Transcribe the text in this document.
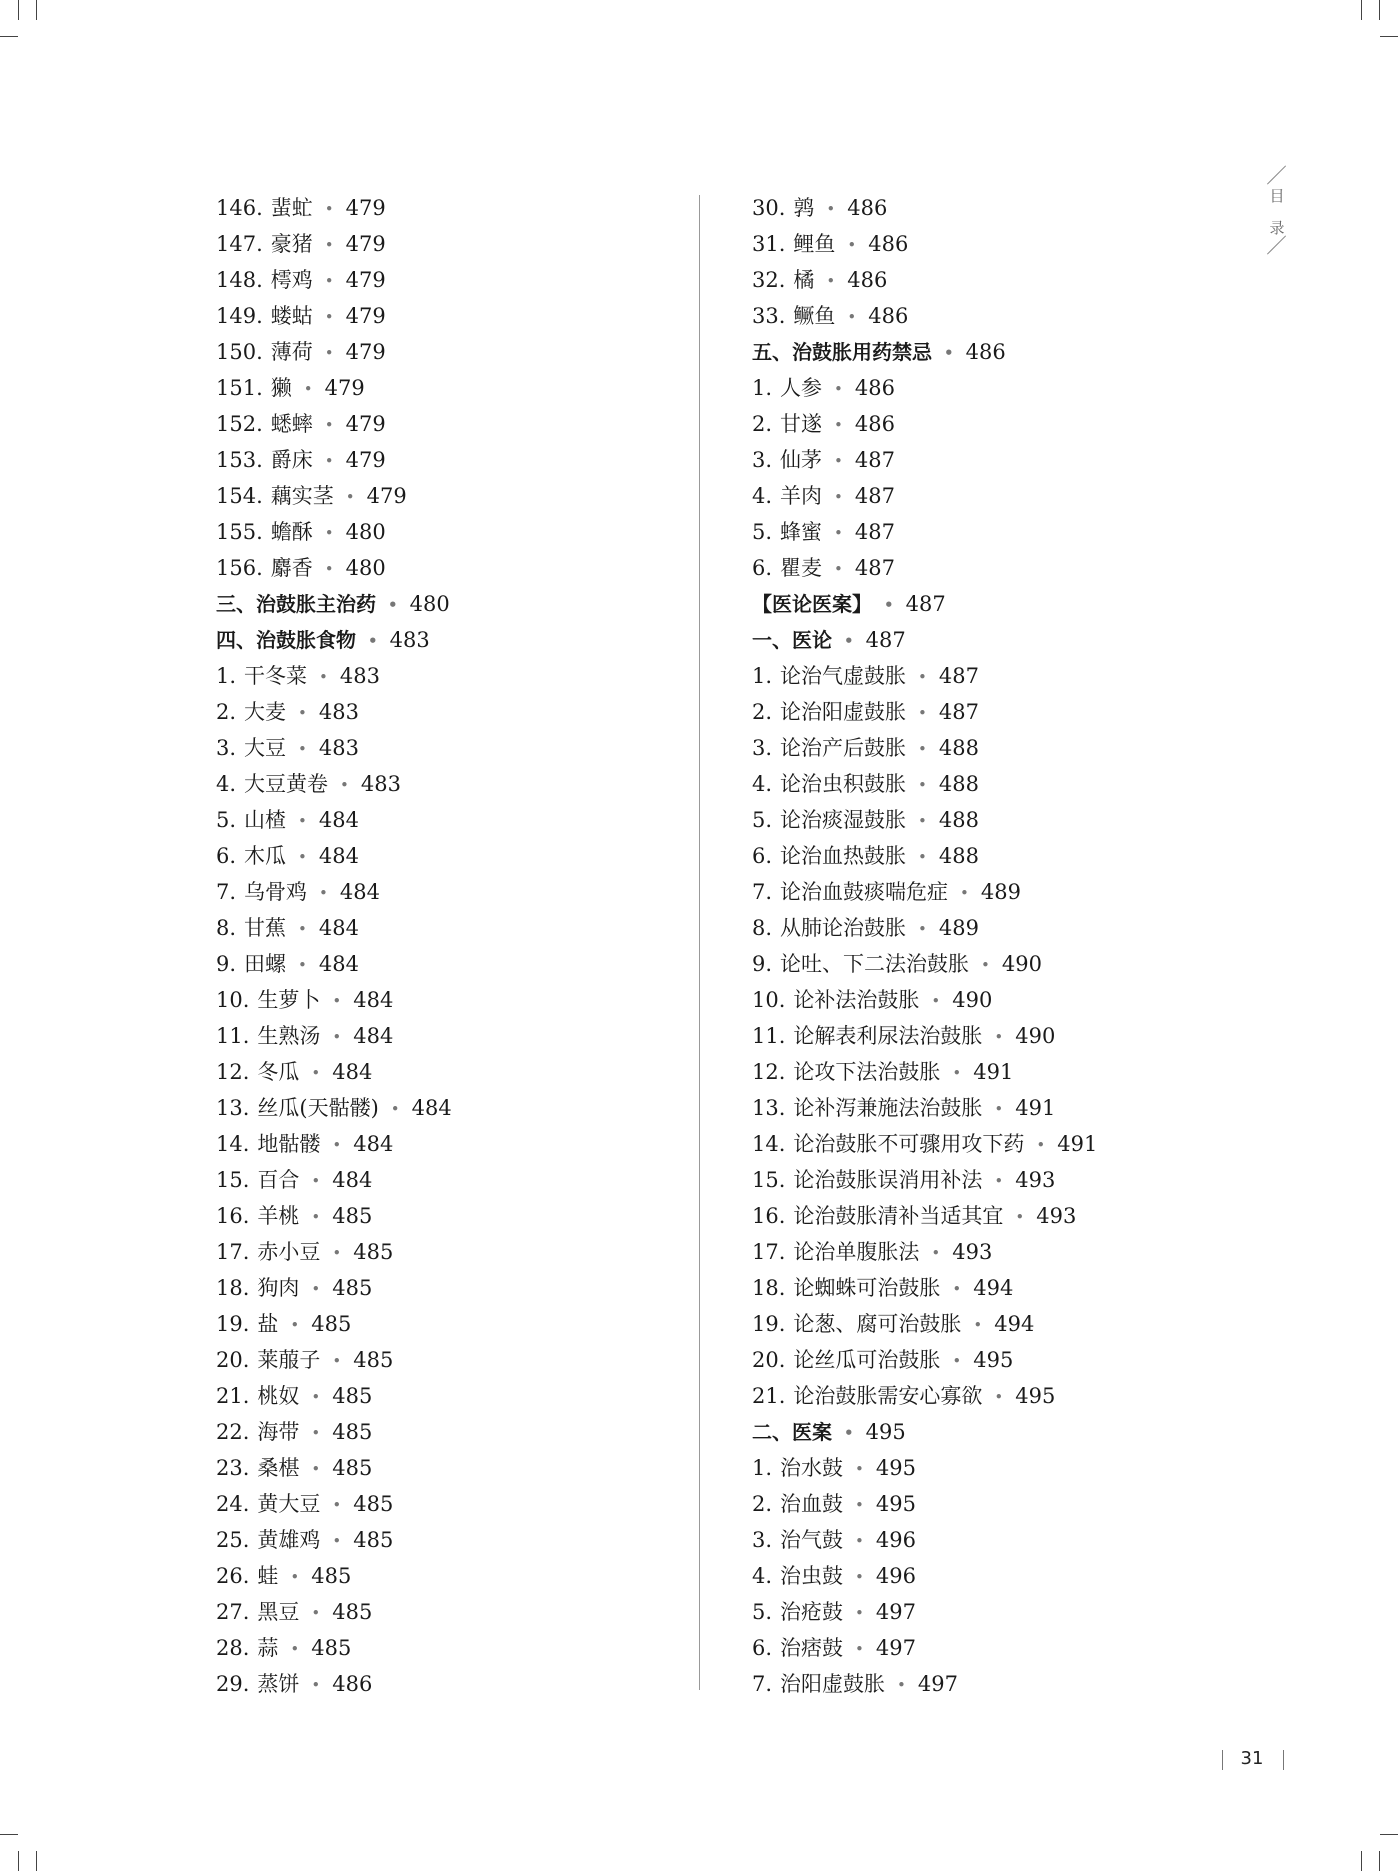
目
录
146. 蜚虻 • 479
147. 豪猪 • 479
148. 樗鸡 • 479
149. 蝼蛄 • 479
150. 薄荷 • 479
151. 獭 • 479
152. 蟋蟀 • 479
153. 爵床 • 479
154. 藕实茎 • 479
155. 蟾酥 • 480
156. 麝香 • 480
三、治鼓胀主治药 • 480
四、治鼓胀食物 • 483
1. 干冬菜 • 483
2. 大麦 • 483
3. 大豆 • 483
4. 大豆黄卷 • 483
5. 山楂 • 484
6. 木瓜 • 484
7. 乌骨鸡 • 484
8. 甘蕉 • 484
9. 田螺 • 484
10. 生萝卜 • 484
11. 生熟汤 • 484
12. 冬瓜 • 484
13. 丝瓜(天骷髅) • 484
14. 地骷髅 • 484
15. 百合 • 484
16. 羊桃 • 485
17. 赤小豆 • 485
18. 狗肉 • 485
19. 盐 • 485
20. 莱菔子 • 485
21. 桃奴 • 485
22. 海带 • 485
23. 桑椹 • 485
24. 黄大豆 • 485
25. 黄雄鸡 • 485
26. 蛙 • 485
27. 黑豆 • 485
28. 蒜 • 485
29. 蒸饼 • 486
30. 鹑 • 486
31. 鲤鱼 • 486
32. 橘 • 486
33. 鳜鱼 • 486
五、治鼓胀用药禁忌 • 486
1. 人参 • 486
2. 甘遂 • 486
3. 仙茅 • 487
4. 羊肉 • 487
5. 蜂蜜 • 487
6. 瞿麦 • 487
【医论医案】 • 487
一、医论 • 487
1. 论治气虚鼓胀 • 487
2. 论治阳虚鼓胀 • 487
3. 论治产后鼓胀 • 488
4. 论治虫积鼓胀 • 488
5. 论治痰湿鼓胀 • 488
6. 论治血热鼓胀 • 488
7. 论治血鼓痰喘危症 • 489
8. 从肺论治鼓胀 • 489
9. 论吐、下二法治鼓胀 • 490
10. 论补法治鼓胀 • 490
11. 论解表利尿法治鼓胀 • 490
12. 论攻下法治鼓胀 • 491
13. 论补泻兼施法治鼓胀 • 491
14. 论治鼓胀不可骤用攻下药 • 491
15. 论治鼓胀误消用补法 • 493
16. 论治鼓胀清补当适其宜 • 493
17. 论治单腹胀法 • 493
18. 论蜘蛛可治鼓胀 • 494
19. 论葱、腐可治鼓胀 • 494
20. 论丝瓜可治鼓胀 • 495
21. 论治鼓胀需安心寡欲 • 495
二、医案 • 495
1. 治水鼓 • 495
2. 治血鼓 • 495
3. 治气鼓 • 496
4. 治虫鼓 • 496
5. 治疮鼓 • 497
6. 治痞鼓 • 497
7. 治阳虚鼓胀 • 497
31
